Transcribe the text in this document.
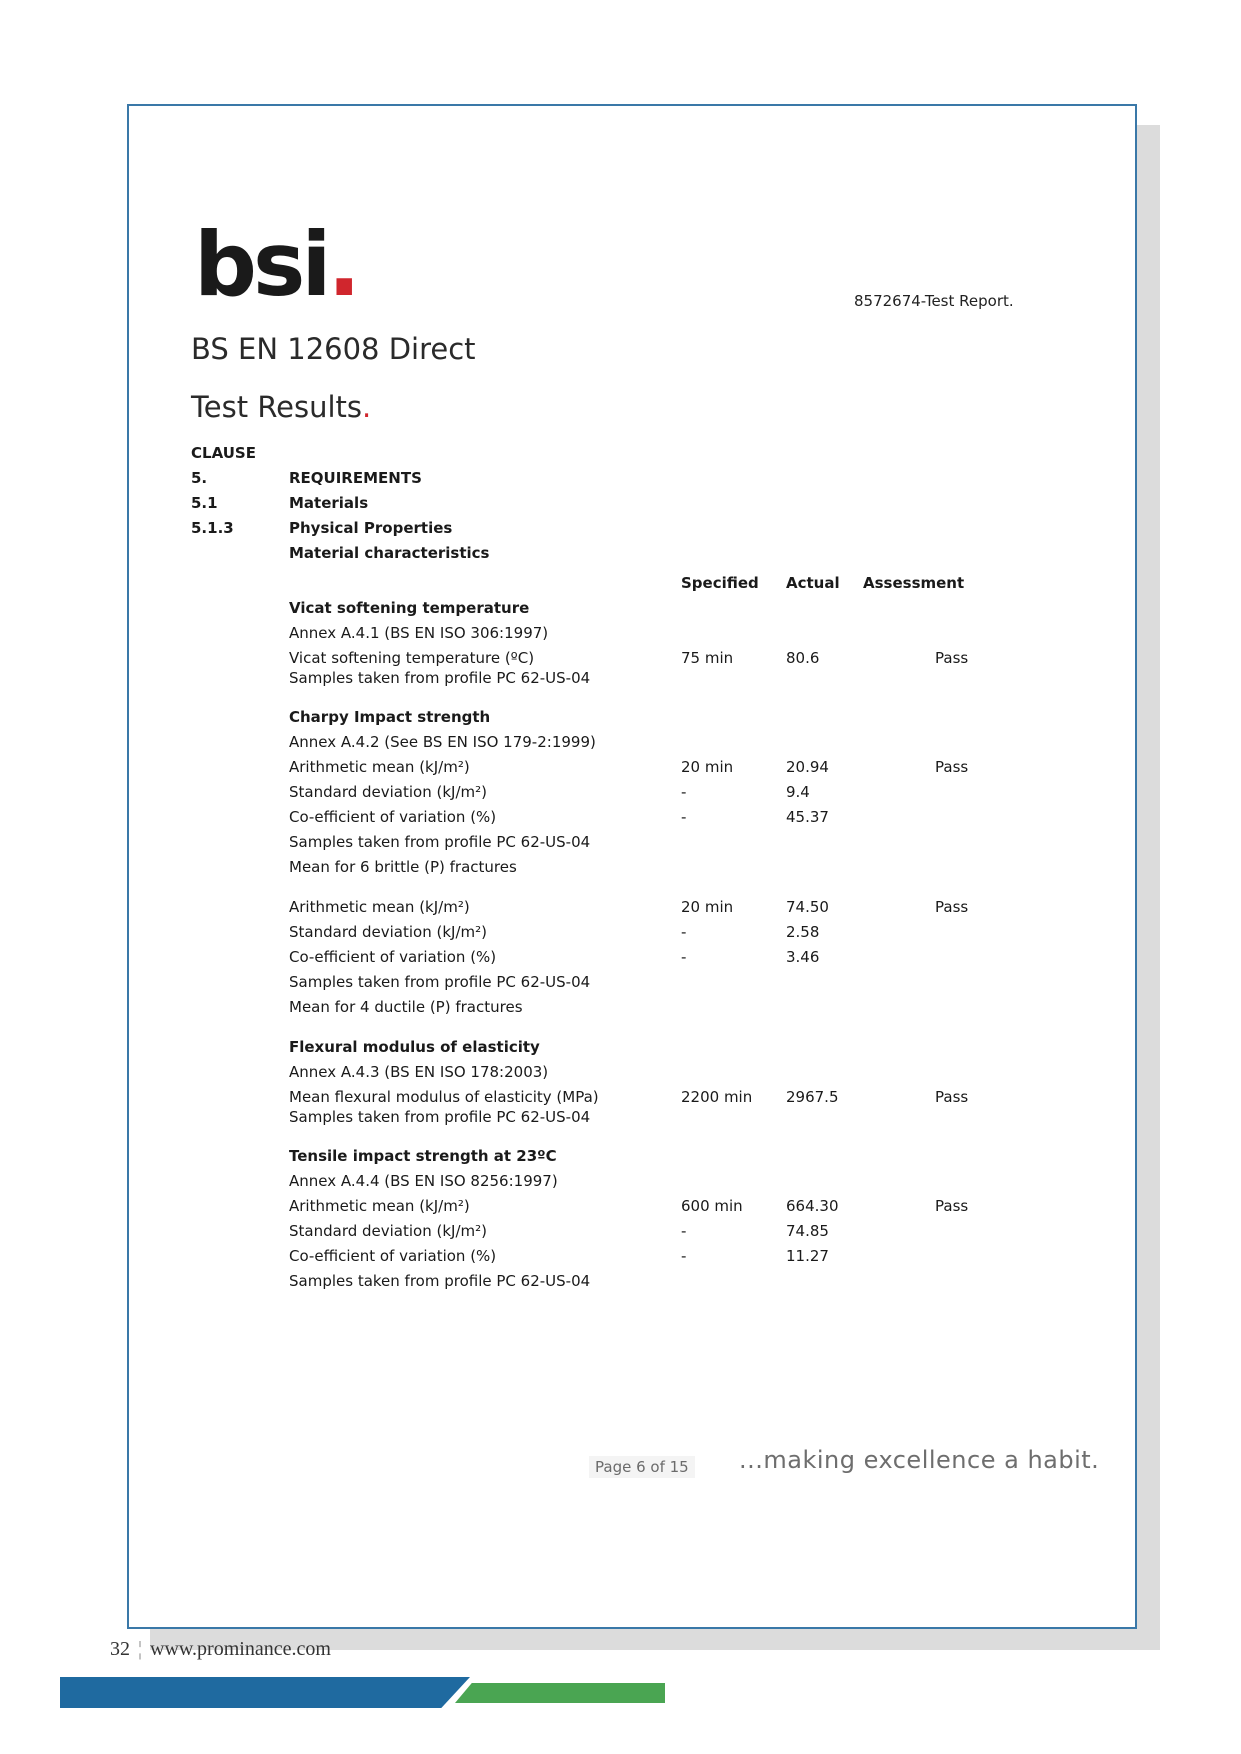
bsi.	8572674-Test Report.
BS EN 12608 Direct
Test Results.
CLAUSE
5.	REQUIREMENTS
5.1	Materials
5.1.3	Physical Properties
Material characteristics
Specified Actual Assessment
Vicat softening temperature
Annex A.4.1 (BS EN ISO 306:1997)
Vicat softening temperature (ºC)	75 min	80.6	Pass
Samples taken from profile PC 62-US-04
Charpy Impact strength
Annex A.4.2 (See BS EN ISO 179-2:1999)
Arithmetic mean (kJ/m²)	20 min	20.94	Pass
Standard deviation (kJ/m²)	-	9.4
Co-efficient of variation (%)	-	45.37
Samples taken from profile PC 62-US-04
Mean for 6 brittle (P) fractures
Arithmetic mean (kJ/m²)	20 min	74.50	Pass
Standard deviation (kJ/m²)	-	2.58
Co-efficient of variation (%)	-	3.46
Samples taken from profile PC 62-US-04
Mean for 4 ductile (P) fractures
Flexural modulus of elasticity
Annex A.4.3 (BS EN ISO 178:2003)
Mean flexural modulus of elasticity (MPa)	2200 min 2967.5	Pass
Samples taken from profile PC 62-US-04
Tensile impact strength at 23ºC
Annex A.4.4 (BS EN ISO 8256:1997)
Arithmetic mean (kJ/m²)	600 min	664.30	Pass
Standard deviation (kJ/m²)	-	74.85
Co-efficient of variation (%)	-	11.27
Samples taken from profile PC 62-US-04
Page 6 of 15 ...making excellence a habit.
32 ¦ www.prominance.com
